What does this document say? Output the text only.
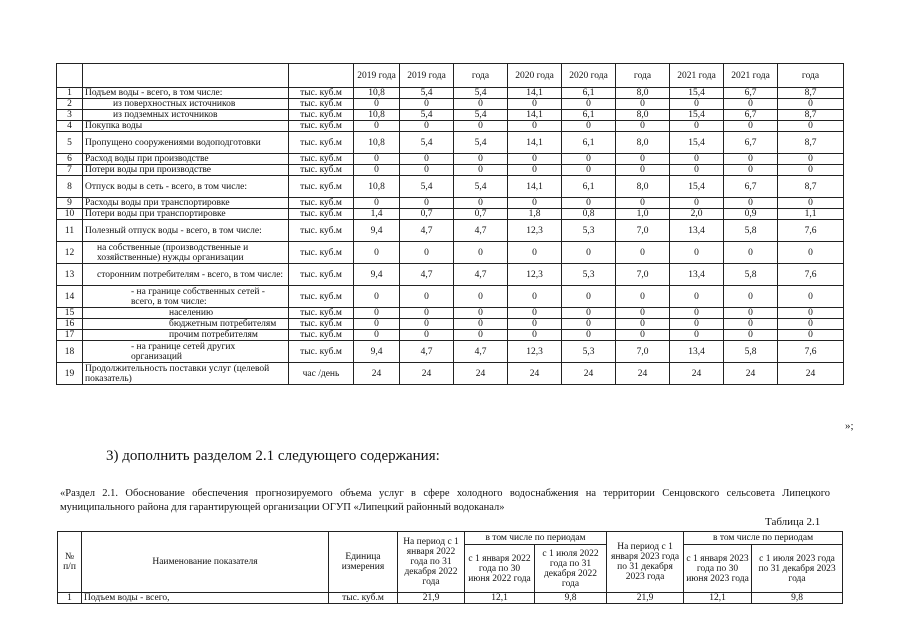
			2019 года	2019 года	года	2020 года	2020 года	года	2021 года	2021 года	года
1	Подъем воды - всего, в том числе:	тыс. куб.м	10,8	5,4	5,4	14,1	6,1	8,0	15,4	6,7	8,7
2	из поверхностных источников	тыс. куб.м	0	0	0	0	0	0	0	0	0
3	из подземных источников	тыс. куб.м	10,8	5,4	5,4	14,1	6,1	8,0	15,4	6,7	8,7
4	Покупка воды	тыс. куб.м	0	0	0	0	0	0	0	0	0
5	Пропущено сооружениями водоподготовки	тыс. куб.м	10,8	5,4	5,4	14,1	6,1	8,0	15,4	6,7	8,7
6	Расход воды при производстве	тыс. куб.м	0	0	0	0	0	0	0	0	0
7	Потери воды при производстве	тыс. куб.м	0	0	0	0	0	0	0	0	0
8	Отпуск воды в сеть - всего, в том числе:	тыс. куб.м	10,8	5,4	5,4	14,1	6,1	8,0	15,4	6,7	8,7
9	Расходы воды при транспортировке	тыс. куб.м	0	0	0	0	0	0	0	0	0
10	Потери воды при транспортировке	тыс. куб.м	1,4	0,7	0,7	1,8	0,8	1,0	2,0	0,9	1,1
11	Полезный отпуск воды - всего, в том числе:	тыс. куб.м	9,4	4,7	4,7	12,3	5,3	7,0	13,4	5,8	7,6
12	на собственные (производственные и хозяйственные) нужды организации	тыс. куб.м	0	0	0	0	0	0	0	0	0
13	сторонним потребителям - всего, в том числе:	тыс. куб.м	9,4	4,7	4,7	12,3	5,3	7,0	13,4	5,8	7,6
14	- на границе собственных сетей - всего, в том числе:	тыс. куб.м	0	0	0	0	0	0	0	0	0
15	населению	тыс. куб.м	0	0	0	0	0	0	0	0	0
16	бюджетным потребителям	тыс. куб.м	0	0	0	0	0	0	0	0	0
17	прочим потребителям	тыс. куб.м	0	0	0	0	0	0	0	0	0
18	- на границе сетей других организаций	тыс. куб.м	9,4	4,7	4,7	12,3	5,3	7,0	13,4	5,8	7,6
19	Продолжительность поставки услуг (целевой показатель)	час /день	24	24	24	24	24	24	24	24	24
»;
3) дополнить разделом 2.1 следующего содержания:
«Раздел 2.1. Обоснование обеспечения прогнозируемого объема услуг в сфере холодного водоснабжения на территории Сенцовского сельсовета Липецкого муниципального района для гарантирующей организации ОГУП «Липецкий районный водоканал»
Таблица 2.1
№ п/п	Наименование показателя	Единица измерения	На период с 1 января 2022 года по 31 декабря 2022 года	в том числе по периодам		На период с 1 января 2023 года по 31 декабря 2023 года	в том числе по периодам	
				с 1 января 2022 года по 30 июня 2022 года	с 1 июля 2022 года по 31 декабря 2022 года		с 1 января 2023 года по 30 июня 2023 года	с 1 июля 2023 года по 31 декабря 2023 года

1	Подъем воды - всего,	тыс. куб.м	21,9	12,1	9,8	21,9	12,1	9,8
